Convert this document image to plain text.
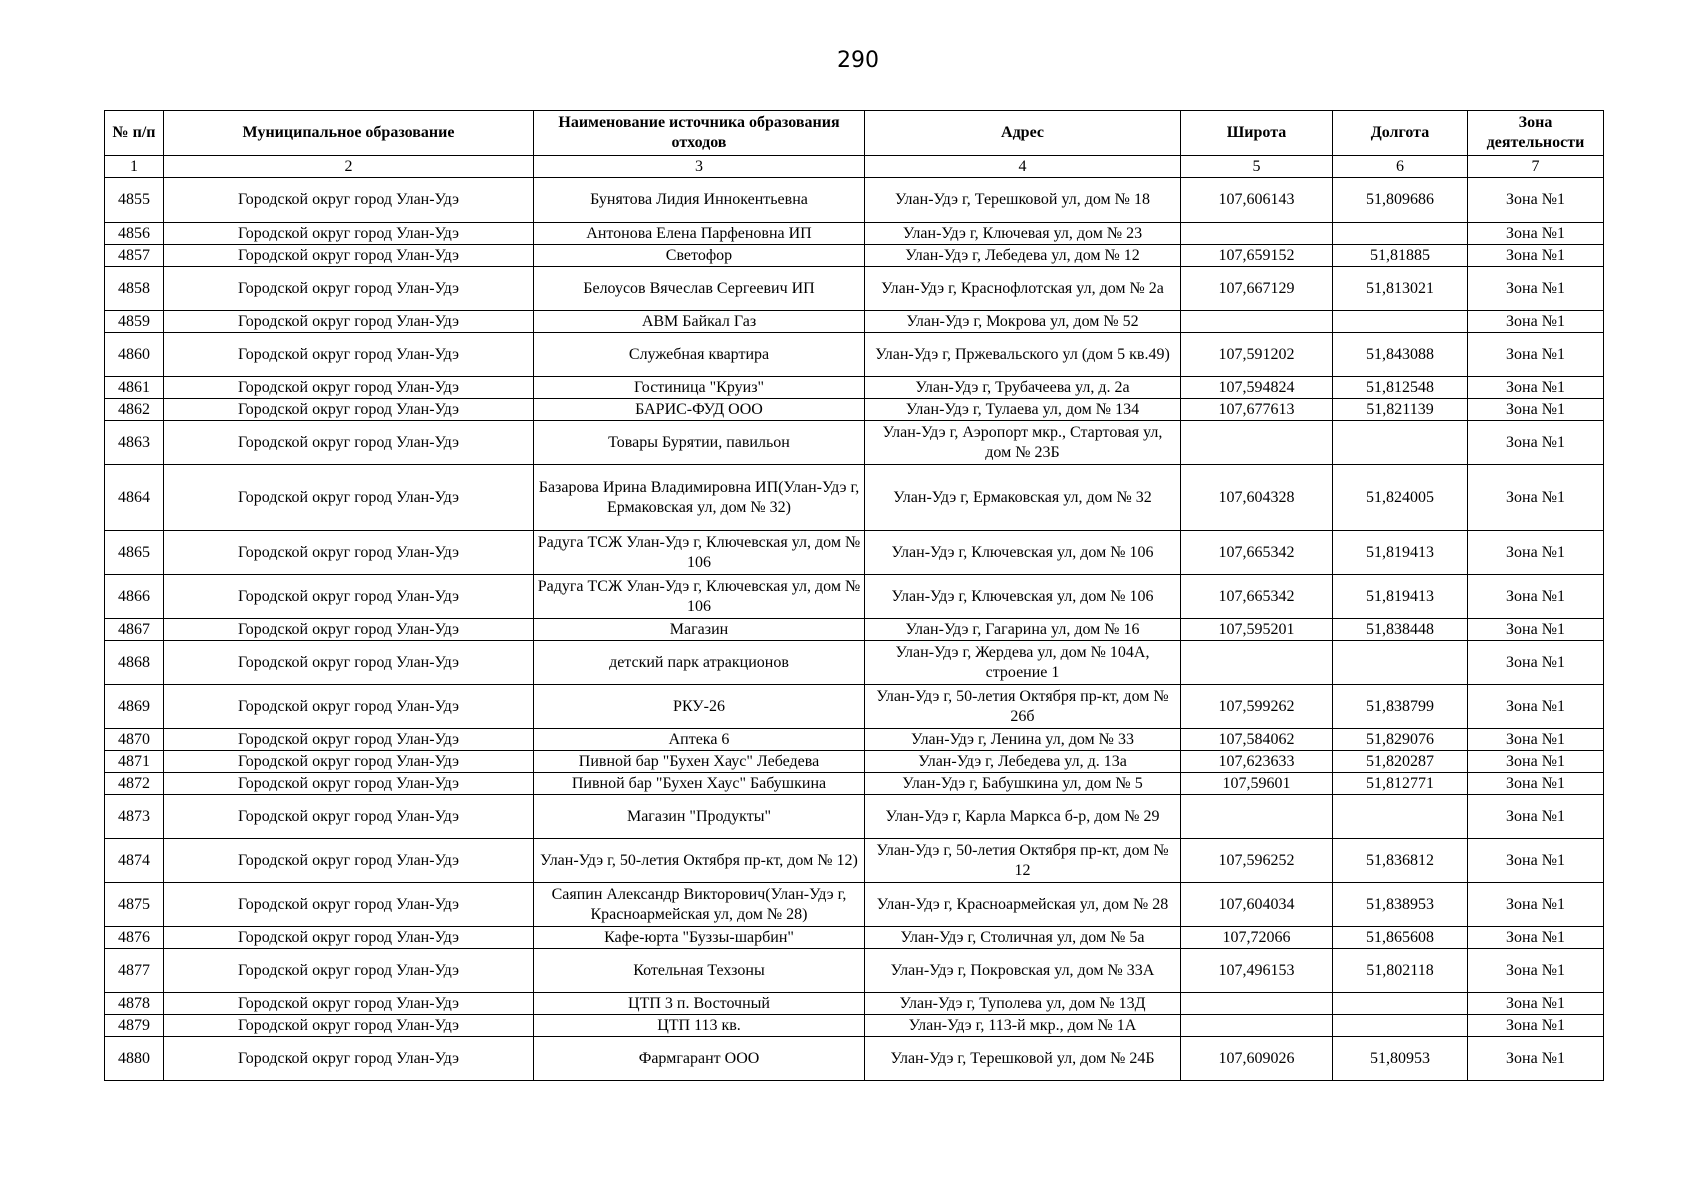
290
№ п/п	Муниципальное образование	Наименование источника образования отходов	Адрес	Широта	Долгота	Зона деятельности
1	2	3	4	5	6	7
4855	Городской округ город Улан-Удэ	Бунятова Лидия Иннокентьевна	Улан-Удэ г, Терешковой ул, дом № 18	107,606143	51,809686	Зона №1
4856	Городской округ город Улан-Удэ	Антонова Елена Парфеновна ИП	Улан-Удэ г, Ключевая ул, дом № 23			Зона №1
4857	Городской округ город Улан-Удэ	Светофор	Улан-Удэ г, Лебедева ул, дом № 12	107,659152	51,81885	Зона №1
4858	Городской округ город Улан-Удэ	Белоусов Вячеслав Сергеевич ИП	Улан-Удэ г, Краснофлотская ул, дом № 2а	107,667129	51,813021	Зона №1
4859	Городской округ город Улан-Удэ	АВМ Байкал Газ	Улан-Удэ г, Мокрова ул, дом № 52			Зона №1
4860	Городской округ город Улан-Удэ	Служебная квартира	Улан-Удэ г, Пржевальского ул (дом 5 кв.49)	107,591202	51,843088	Зона №1
4861	Городской округ город Улан-Удэ	Гостиница "Круиз"	Улан-Удэ г, Трубачеева ул, д. 2а	107,594824	51,812548	Зона №1
4862	Городской округ город Улан-Удэ	БАРИС-ФУД ООО	Улан-Удэ г, Тулаева ул, дом № 134	107,677613	51,821139	Зона №1
4863	Городской округ город Улан-Удэ	Товары Бурятии, павильон	Улан-Удэ г, Аэропорт мкр., Стартовая ул, дом № 23Б			Зона №1
4864	Городской округ город Улан-Удэ	Базарова Ирина Владимировна ИП(Улан-Удэ г, Ермаковская ул, дом № 32)	Улан-Удэ г, Ермаковская ул, дом № 32	107,604328	51,824005	Зона №1
4865	Городской округ город Улан-Удэ	Радуга ТСЖ Улан-Удэ г, Ключевская ул, дом № 106	Улан-Удэ г, Ключевская ул, дом № 106	107,665342	51,819413	Зона №1
4866	Городской округ город Улан-Удэ	Радуга ТСЖ Улан-Удэ г, Ключевская ул, дом № 106	Улан-Удэ г, Ключевская ул, дом № 106	107,665342	51,819413	Зона №1
4867	Городской округ город Улан-Удэ	Магазин	Улан-Удэ г, Гагарина ул, дом № 16	107,595201	51,838448	Зона №1
4868	Городской округ город Улан-Удэ	детский парк атракционов	Улан-Удэ г, Жердева ул, дом № 104А, строение 1			Зона №1
4869	Городской округ город Улан-Удэ	РКУ-26	Улан-Удэ г, 50-летия Октября пр-кт, дом № 26б	107,599262	51,838799	Зона №1
4870	Городской округ город Улан-Удэ	Аптека 6	Улан-Удэ г, Ленина ул, дом № 33	107,584062	51,829076	Зона №1
4871	Городской округ город Улан-Удэ	Пивной бар "Бухен Хаус" Лебедева	Улан-Удэ г, Лебедева ул, д. 13а	107,623633	51,820287	Зона №1
4872	Городской округ город Улан-Удэ	Пивной бар "Бухен Хаус" Бабушкина	Улан-Удэ г, Бабушкина ул, дом № 5	107,59601	51,812771	Зона №1
4873	Городской округ город Улан-Удэ	Магазин "Продукты"	Улан-Удэ г, Карла Маркса б-р, дом № 29			Зона №1
4874	Городской округ город Улан-Удэ	Улан-Удэ г, 50-летия Октября пр-кт, дом № 12)	Улан-Удэ г, 50-летия Октября пр-кт, дом № 12	107,596252	51,836812	Зона №1
4875	Городской округ город Улан-Удэ	Саяпин Александр Викторович(Улан-Удэ г, Красноармейская ул, дом № 28)	Улан-Удэ г, Красноармейская ул, дом № 28	107,604034	51,838953	Зона №1
4876	Городской округ город Улан-Удэ	Кафе-юрта "Буззы-шарбин"	Улан-Удэ г, Столичная ул, дом № 5а	107,72066	51,865608	Зона №1
4877	Городской округ город Улан-Удэ	Котельная Техзоны	Улан-Удэ г, Покровская ул, дом № 33А	107,496153	51,802118	Зона №1
4878	Городской округ город Улан-Удэ	ЦТП 3 п. Восточный	Улан-Удэ г, Туполева ул, дом № 13Д			Зона №1
4879	Городской округ город Улан-Удэ	ЦТП 113 кв.	Улан-Удэ г, 113-й мкр., дом № 1А			Зона №1
4880	Городской округ город Улан-Удэ	Фармгарант ООО	Улан-Удэ г, Терешковой ул, дом № 24Б	107,609026	51,80953	Зона №1
